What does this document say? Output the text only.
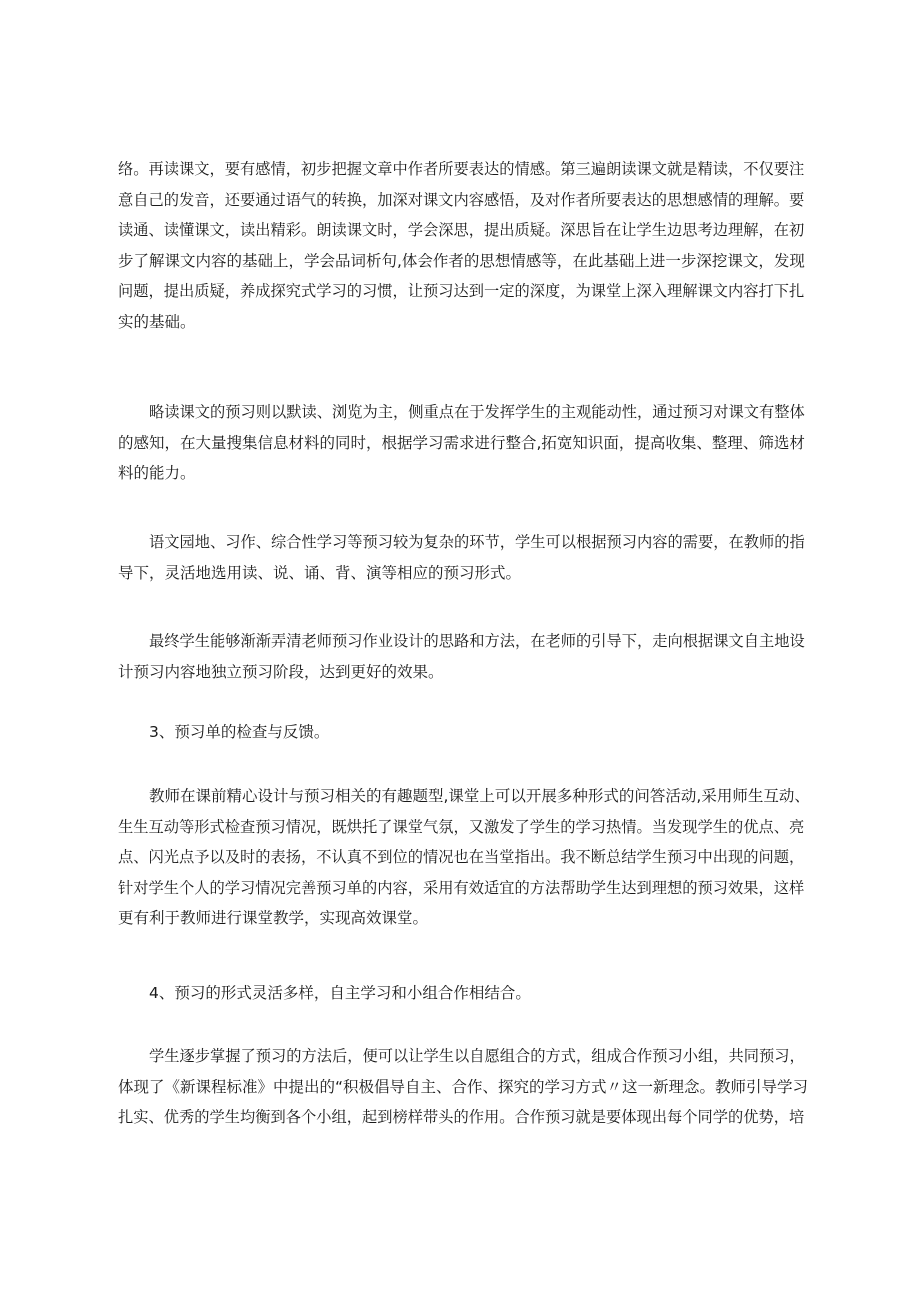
络。再读课文，要有感情，初步把握文章中作者所要表达的情感。第三遍朗读课文就是精读，不仅要注
意自己的发音，还要通过语气的转换，加深对课文内容感悟，及对作者所要表达的思想感情的理解。要
读通、读懂课文，读出精彩。朗读课文时，学会深思，提出质疑。深思旨在让学生边思考边理解，在初
步了解课文内容的基础上，学会品词析句,体会作者的思想情感等，在此基础上进一步深挖课文，发现
问题，提出质疑，养成探究式学习的习惯，让预习达到一定的深度，为课堂上深入理解课文内容打下扎
实的基础。
略读课文的预习则以默读、浏览为主，侧重点在于发挥学生的主观能动性，通过预习对课文有整体
的感知，在大量搜集信息材料的同时，根据学习需求进行整合,拓宽知识面，提高收集、整理、筛选材
料的能力。
语文园地、习作、综合性学习等预习较为复杂的环节，学生可以根据预习内容的需要，在教师的指
导下，灵活地选用读、说、诵、背、演等相应的预习形式。
最终学生能够渐渐弄清老师预习作业设计的思路和方法，在老师的引导下，走向根据课文自主地设
计预习内容地独立预习阶段，达到更好的效果。
3、预习单的检查与反馈。
教师在课前精心设计与预习相关的有趣题型,课堂上可以开展多种形式的问答活动,采用师生互动、
生生互动等形式检查预习情况，既烘托了课堂气氛，又激发了学生的学习热情。当发现学生的优点、亮
点、闪光点予以及时的表扬，不认真不到位的情况也在当堂指出。我不断总结学生预习中出现的问题，
针对学生个人的学习情况完善预习单的内容，采用有效适宜的方法帮助学生达到理想的预习效果，这样
更有利于教师进行课堂教学，实现高效课堂。
4、预习的形式灵活多样，自主学习和小组合作相结合。
学生逐步掌握了预习的方法后，便可以让学生以自愿组合的方式，组成合作预习小组，共同预习，
体现了《新课程标准》中提出的“积极倡导自主、合作、探究的学习方式〃这一新理念。教师引导学习
扎实、优秀的学生均衡到各个小组，起到榜样带头的作用。合作预习就是要体现出每个同学的优势，培
